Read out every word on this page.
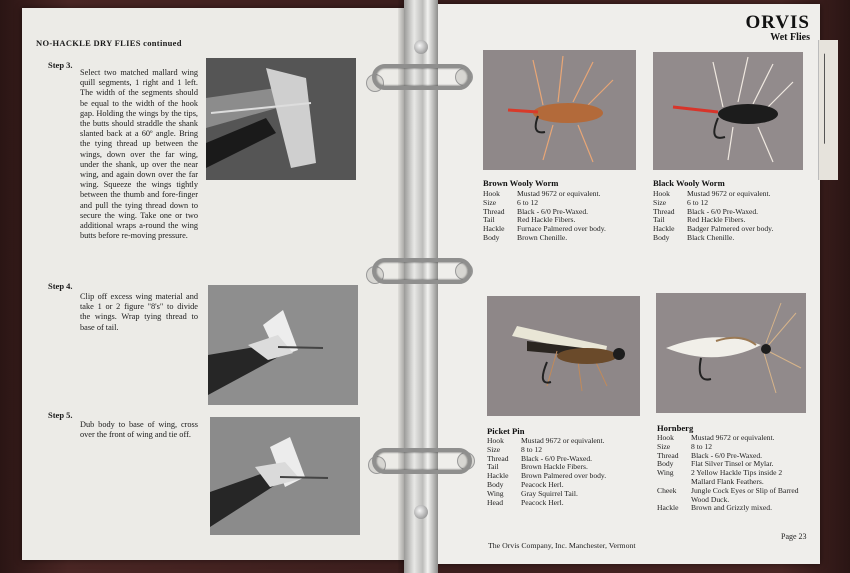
NO-HACKLE DRY FLIES continued
Step 3.
Select two matched mallard wing quill segments, 1 right and 1 left. The width of the segments should be equal to the width of the hook gap. Holding the wings by the tips, the butts should straddle the shank slanted back at a 60º angle. Bring the tying thread up between the wings, down over the far wing, under the shank, up over the near wing, and again down over the far wing. Squeeze the wings tightly between the thumb and fore-finger and pull the tying thread down to secure the wing. Take one or two additional wraps a-round the wing butts before re-moving pressure.
Step 4.
Clip off excess wing material and take 1 or 2 figure "8's" to divide the wings. Wrap tying thread to base of tail.
Step 5.
Dub body to base of wing, cross over the front of wing and tie off.
ORVIS
Wet Flies
Brown Wooly Worm
Hook	Mustad 9672 or equivalent.
Size	6 to 12
Thread	Black - 6/0 Pre-Waxed.
Tail	Red Hackle Fibers.
Hackle	Furnace Palmered over body.
Body	Brown Chenille.
Black Wooly Worm
Hook	Mustad 9672 or equivalent.
Size	6 to 12
Thread	Black - 6/0 Pre-Waxed.
Tail	Red Hackle Fibers.
Hackle	Badger Palmered over body.
Body	Black Chenille.
Picket Pin
Hook	Mustad 9672 or equivalent.
Size	8 to 12
Thread	Black - 6/0 Pre-Waxed.
Tail	Brown Hackle Fibers.
Hackle	Brown Palmered over body.
Body	Peacock Herl.
Wing	Gray Squirrel Tail.
Head	Peacock Herl.
Hornberg
Hook	Mustad 9672 or equivalent.
Size	8 to 12
Thread	Black - 6/0 Pre-Waxed.
Body	Flat Silver Tinsel or Mylar.
Wing	2 Yellow Hackle Tips inside 2 Mallard Flank Feathers.
Cheek	Jungle Cock Eyes or Slip of Barred Wood Duck.
Hackle	Brown and Grizzly mixed.
The Orvis Company, Inc. Manchester, Vermont
Page 23
